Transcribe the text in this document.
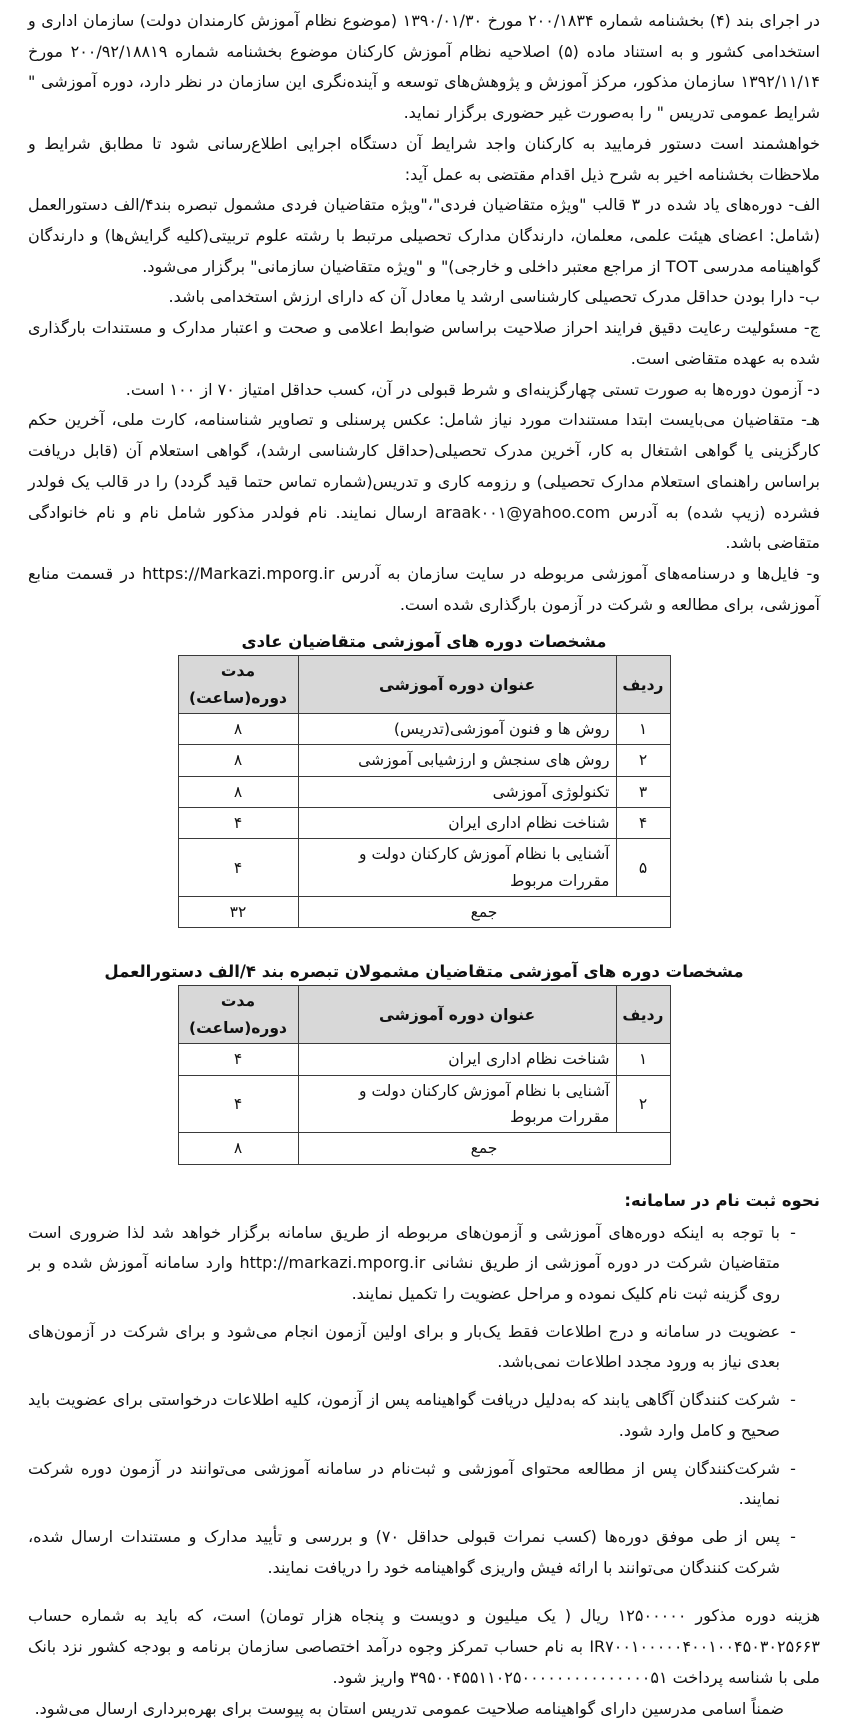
در اجرای بند (۴) بخشنامه شماره ۲۰۰/۱۸۳۴ مورخ ۱۳۹۰/۰۱/۳۰ (موضوع نظام آموزش کارمندان دولت) سازمان اداری و استخدامی کشور و به استناد ماده (۵) اصلاحیه نظام آموزش کارکنان موضوع بخشنامه شماره ۲۰۰/۹۲/۱۸۸۱۹ مورخ ۱۳۹۲/۱۱/۱۴ سازمان مذکور، مرکز آموزش و پژوهش‌های توسعه و آینده‌نگری این سازمان در نظر دارد، دوره آموزشی " شرایط عمومی تدریس " را به‌صورت غیر حضوری برگزار نماید.

خواهشمند است دستور فرمایید به کارکنان واجد شرایط آن دستگاه اجرایی اطلاع‌رسانی شود تا مطابق شرایط و ملاحظات بخشنامه اخیر به شرح ذیل اقدام مقتضی به عمل آید:

الف- دوره‌های یاد شده در ۳ قالب "ویژه متقاضیان فردی"،"ویژه متقاضیان فردی مشمول تبصره بند۴/الف دستورالعمل (شامل: اعضای هیئت علمی، معلمان، دارندگان مدارک تحصیلی مرتبط با رشته علوم تربیتی(کلیه گرایش‌ها) و دارندگان گواهینامه مدرسی TOT از مراجع معتبر داخلی و خارجی)" و "ویژه متقاضیان سازمانی" برگزار می‌شود.

ب- دارا بودن حداقل مدرک تحصیلی کارشناسی ارشد یا معادل آن که دارای ارزش استخدامی باشد.

ج- مسئولیت رعایت دقیق فرایند احراز صلاحیت براساس ضوابط اعلامی و صحت و اعتبار مدارک و مستندات بارگذاری شده به عهده متقاضی است.

د- آزمون دوره‌ها به صورت تستی چهارگزینه‌ای و شرط قبولی در آن، کسب حداقل امتیاز ۷۰ از ۱۰۰ است.

هـ- متقاضیان می‌بایست ابتدا مستندات مورد نیاز شامل: عکس پرسنلی و تصاویر شناسنامه، کارت ملی، آخرین حکم کارگزینی یا گواهی اشتغال به کار، آخرین مدرک تحصیلی(حداقل کارشناسی ارشد)، گواهی استعلام آن (قابل دریافت براساس راهنمای استعلام مدارک تحصیلی) و رزومه کاری و تدریس(شماره تماس حتما قید گردد) را در قالب یک فولدر فشرده (زیپ شده) به آدرس araak۰۰۱@yahoo.com ارسال نمایند. نام فولدر مذکور شامل نام و نام خانوادگی متقاضی باشد.

و- فایل‌ها و درسنامه‌های آموزشی مربوطه در سایت سازمان به آدرس https://Markazi.mporg.ir در قسمت منابع آموزشی، برای مطالعه و شرکت در آزمون بارگذاری شده است.

مشخصات دوره های آموزشی متقاضیان عادی
ردیف	عنوان دوره آموزشی	مدت دوره(ساعت)
۱	روش ها و فنون آموزشی(تدریس)	۸
۲	روش های سنجش و ارزشیابی آموزشی	۸
۳	تکنولوژی آموزشی	۸
۴	شناخت نظام اداری ایران	۴
۵	آشنایی با نظام آموزش کارکنان دولت و مقررات مربوط	۴
جمع		۳۲
مشخصات دوره های آموزشی متقاضیان مشمولان تبصره بند ۴/الف دستورالعمل
ردیف	عنوان دوره آموزشی	مدت دوره(ساعت)
۱	شناخت نظام اداری ایران	۴
۲	آشنایی با نظام آموزش کارکنان دولت و مقررات مربوط	۴
جمع		۸
نحوه ثبت نام در سامانه:
-
با توجه به اینکه دوره‌های آموزشی و آزمون‌های مربوطه از طریق سامانه برگزار خواهد شد لذا ضروری است متقاضیان شرکت در دوره آموزشی از طریق نشانی http://markazi.mporg.ir وارد سامانه آموزش شده و بر روی گزینه ثبت نام کلیک نموده و مراحل عضویت را تکمیل نمایند.
-
عضویت در سامانه و درج اطلاعات فقط یک‌بار و برای اولین آزمون انجام می‌شود و برای شرکت در آزمون‌های بعدی نیاز به ورود مجدد اطلاعات نمی‌باشد.
-
شرکت کنندگان آگاهی یابند که به‌دلیل دریافت گواهینامه پس از آزمون، کلیه اطلاعات درخواستی برای عضویت باید صحیح و کامل وارد شود.
-
شرکت‌کنندگان پس از مطالعه محتوای آموزشی و ثبت‌نام در سامانه آموزشی می‌توانند در آزمون دوره شرکت نمایند.
-
پس از طی موفق دوره‌ها (کسب نمرات قبولی حداقل ۷۰) و بررسی و تأیید مدارک و مستندات ارسال شده، شرکت کنندگان می‌توانند با ارائه فیش واریزی گواهینامه خود را دریافت نمایند.

هزینه دوره مذکور ۱۲۵۰۰۰۰۰ ریال ( یک میلیون و دویست و پنجاه هزار تومان) است، که باید به شماره حساب IR۷۰۰۱۰۰۰۰۰۴۰۰۱۰۰۴۵۰۳۰۲۵۶۶۳ به نام حساب تمرکز وجوه درآمد اختصاصی سازمان برنامه و بودجه کشور نزد بانک ملی با شناسه پرداخت ۳۹۵۰۰۴۵۵۱۱۰۲۵۰۰۰۰۰۰۰۰۰۰۰۰۰۰۰۵۱ واریز شود.

ضمناً اسامی مدرسین دارای گواهینامه صلاحیت عمومی تدریس استان به پیوست برای بهره‌برداری ارسال می‌شود.
